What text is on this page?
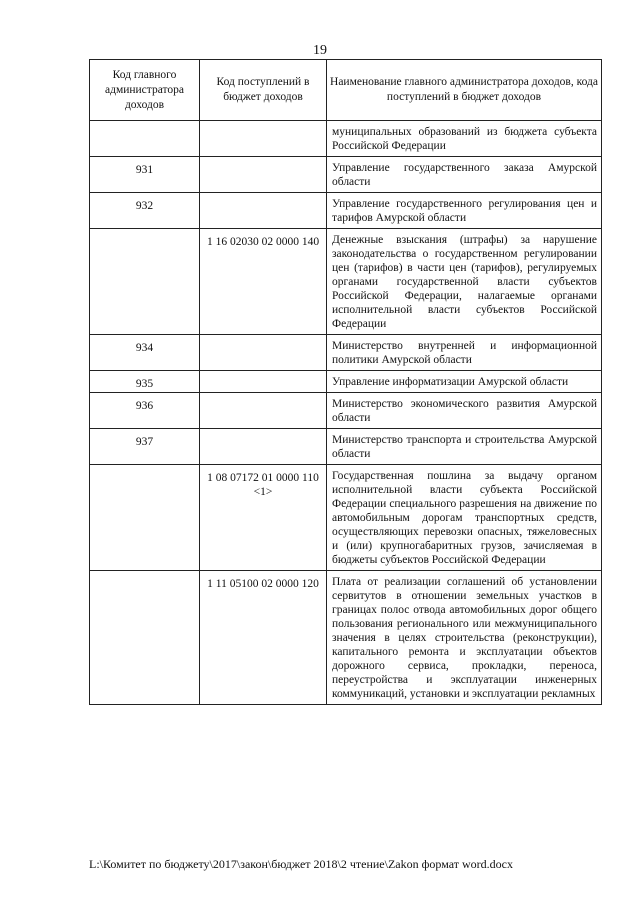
19
Код главного администратора доходов	Код поступлений в бюджет доходов	Наименование главного администратора доходов, кода поступлений в бюджет доходов
		муниципальных образований из бюджета субъекта Российской Федерации
931		Управление государственного заказа Амурской области
932		Управление государственного регулирования цен и тарифов Амурской области
	1 16 02030 02 0000 140	Денежные взыскания (штрафы) за нарушение законодательства о государственном регулировании цен (тарифов) в части цен (тарифов), регулируемых органами государственной власти субъектов Российской Федерации, налагаемые органами исполнительной власти субъектов Российской Федерации
934		Министерство внутренней и информационной политики Амурской области
935		Управление информатизации Амурской области
936		Министерство экономического развития Амурской области
937		Министерство транспорта и строительства Амурской области
	1 08 07172 01 0000 110 <1>	Государственная пошлина за выдачу органом исполнительной власти субъекта Российской Федерации специального разрешения на движение по автомобильным дорогам транспортных средств, осуществляющих перевозки опасных, тяжеловесных и (или) крупногабаритных грузов, зачисляемая в бюджеты субъектов Российской Федерации
	1 11 05100 02 0000 120	Плата от реализации соглашений об установлении сервитутов в отношении земельных участков в границах полос отвода автомобильных дорог общего пользования регионального или межмуниципального значения в целях строительства (реконструкции), капитального ремонта и эксплуатации объектов дорожного сервиса, прокладки, переноса, переустройства и эксплуатации инженерных коммуникаций, установки и эксплуатации рекламных
L:\Комитет по бюджету\2017\закон\бюджет 2018\2 чтение\Zakon формат word.docx
